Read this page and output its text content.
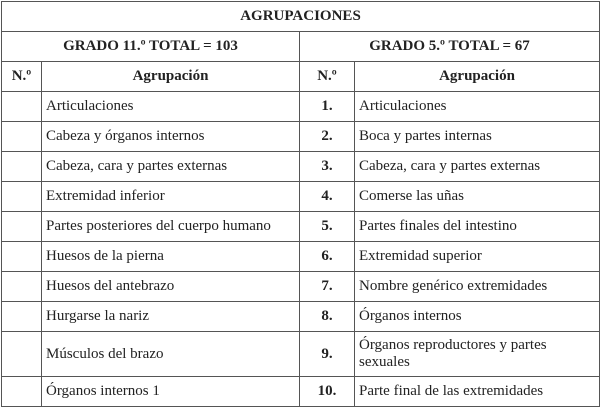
AGRUPACIONES			
GRADO 11.º TOTAL = 103		GRADO 5.º TOTAL = 67	
N.º	Agrupación	N.º	Agrupación
	Articulaciones	1.	Articulaciones
	Cabeza y órganos internos	2.	Boca y partes internas
	Cabeza, cara y partes externas	3.	Cabeza, cara y partes externas
	Extremidad inferior	4.	Comerse las uñas
	Partes posteriores del cuerpo humano	5.	Partes finales del intestino
	Huesos de la pierna	6.	Extremidad superior
	Huesos del antebrazo	7.	Nombre genérico extremidades
	Hurgarse la nariz	8.	Órganos internos
	Músculos del brazo	9.	Órganos reproductores y partes sexuales
	Órganos internos 1	10.	Parte final de las extremidades
